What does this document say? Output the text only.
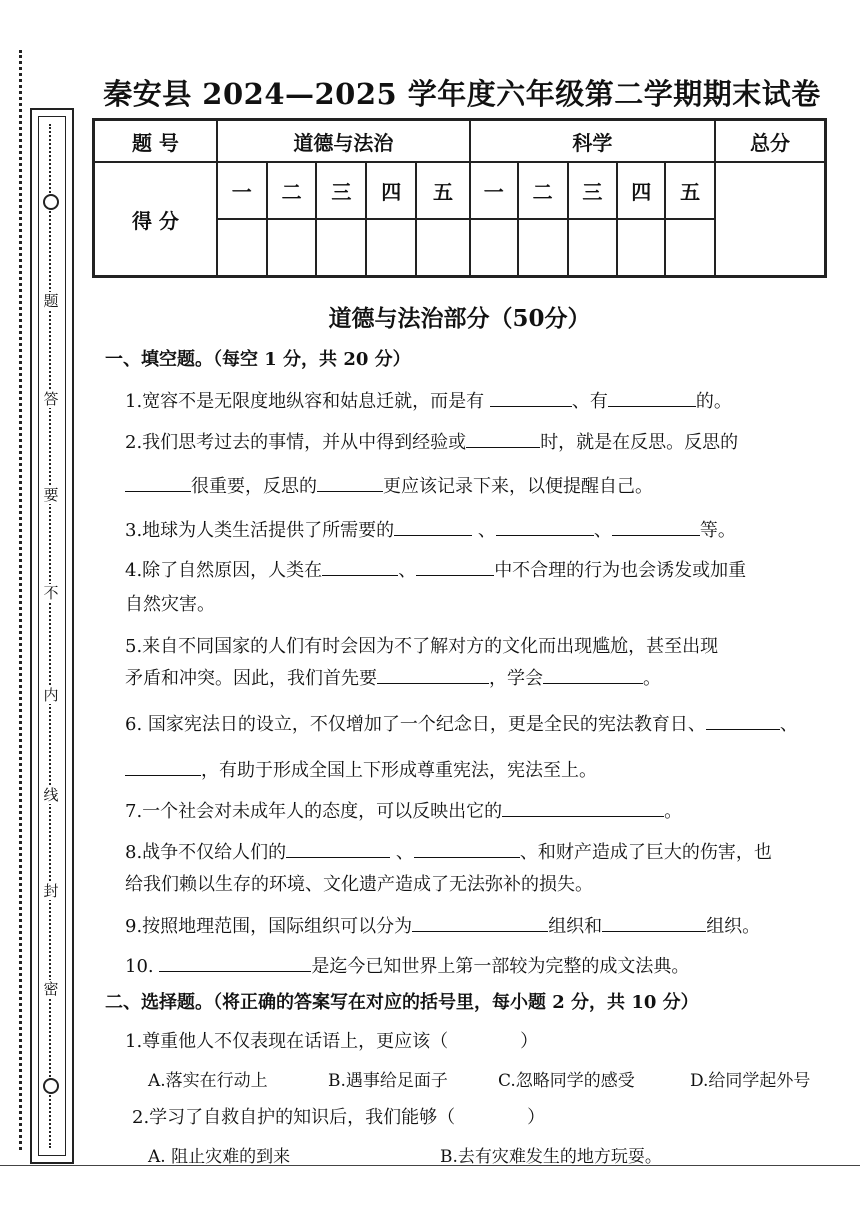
题
答
要
不
内
线
封
密
秦安县 2024—2025 学年度六年级第二学期期末试卷
题 号	道德与法治					科学					总分
得 分	一	二	三	四	五	一	二	三	四	五	

道德与法治部分（50分）
一、填空题。（每空 1 分，共 20 分）
1.宽容不是无限度地纵容和姑息迁就，而是有	、有	的。
2.我们思考过去的事情，并从中得到经验或	时，就是在反思。反思的
很重要，反思的	更应该记录下来，以便提醒自己。
3.地球为人类生活提供了所需要的	、	、	等。
4.除了自然原因，人类在	、	中不合理的行为也会诱发或加重
自然灾害。
5.来自不同国家的人们有时会因为不了解对方的文化而出现尴尬，甚至出现
矛盾和冲突。因此，我们首先要	，学会	。
6. 国家宪法日的设立，不仅增加了一个纪念日，更是全民的宪法教育日、	、
，有助于形成全国上下形成尊重宪法，宪法至上。
7.一个社会对未成年人的态度，可以反映出它的	。
8.战争不仅给人们的	、	、和财产造成了巨大的伤害，也
给我们赖以生存的环境、文化遗产造成了无法弥补的损失。
9.按照地理范围，国际组织可以分为	组织和	组织。
10.	是迄今已知世界上第一部较为完整的成文法典。
二、选择题。（将正确的答案写在对应的括号里，每小题 2 分，共 10 分）
1.尊重他人不仅表现在话语上，更应该（　　　　）
A.落实在行动上	B.遇事给足面子	C.忽略同学的感受	D.给同学起外号
2.学习了自救自护的知识后，我们能够（　　　　）
A. 阻止灾难的到来	B.去有灾难发生的地方玩耍。
